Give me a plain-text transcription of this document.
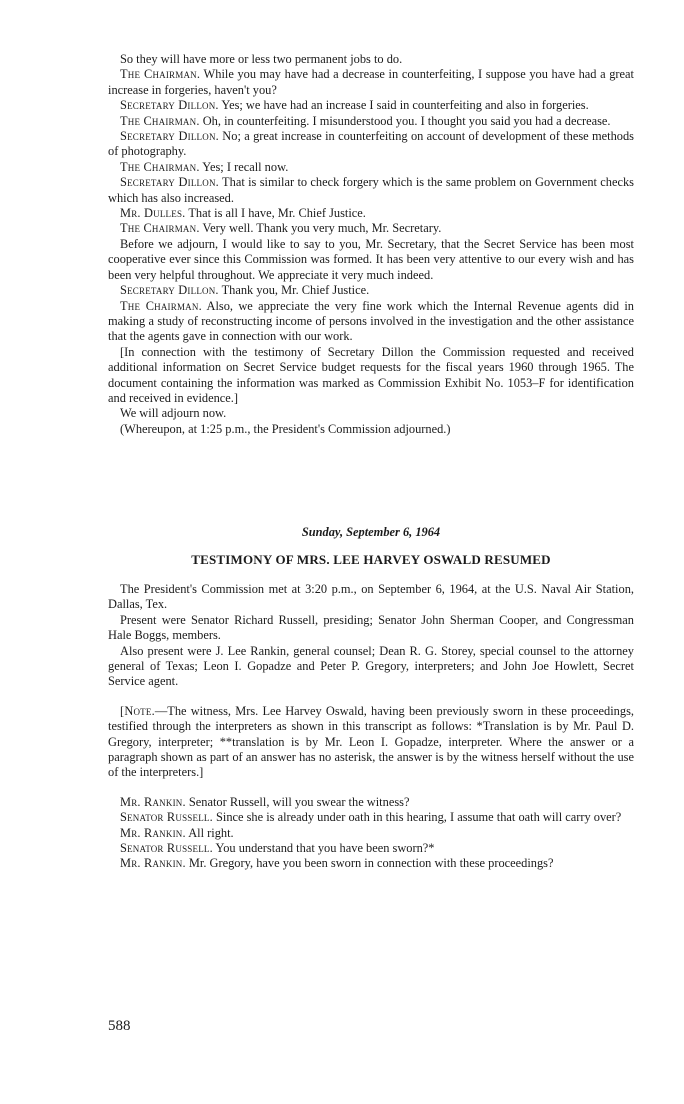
So they will have more or less two permanent jobs to do.

The Chairman. While you may have had a decrease in counterfeiting, I suppose you have had a great increase in forgeries, haven't you?

Secretary Dillon. Yes; we have had an increase I said in counterfeiting and also in forgeries.

The Chairman. Oh, in counterfeiting. I misunderstood you. I thought you said you had a decrease.

Secretary Dillon. No; a great increase in counterfeiting on account of development of these methods of photography.

The Chairman. Yes; I recall now.

Secretary Dillon. That is similar to check forgery which is the same problem on Government checks which has also increased.

Mr. Dulles. That is all I have, Mr. Chief Justice.

The Chairman. Very well. Thank you very much, Mr. Secretary.

Before we adjourn, I would like to say to you, Mr. Secretary, that the Secret Service has been most cooperative ever since this Commission was formed. It has been very attentive to our every wish and has been very helpful throughout. We appreciate it very much indeed.

Secretary Dillon. Thank you, Mr. Chief Justice.

The Chairman. Also, we appreciate the very fine work which the Internal Revenue agents did in making a study of reconstructing income of persons involved in the investigation and the other assistance that the agents gave in connection with our work.

[In connection with the testimony of Secretary Dillon the Commission requested and received additional information on Secret Service budget requests for the fiscal years 1960 through 1965. The document containing the information was marked as Commission Exhibit No. 1053–F for identification and received in evidence.]

We will adjourn now.

(Whereupon, at 1:25 p.m., the President's Commission adjourned.)

Sunday, September 6, 1964

TESTIMONY OF MRS. LEE HARVEY OSWALD RESUMED

The President's Commission met at 3:20 p.m., on September 6, 1964, at the U.S. Naval Air Station, Dallas, Tex.

Present were Senator Richard Russell, presiding; Senator John Sherman Cooper, and Congressman Hale Boggs, members.

Also present were J. Lee Rankin, general counsel; Dean R. G. Storey, special counsel to the attorney general of Texas; Leon I. Gopadze and Peter P. Gregory, interpreters; and John Joe Howlett, Secret Service agent.

[Note.—The witness, Mrs. Lee Harvey Oswald, having been previously sworn in these proceedings, testified through the interpreters as shown in this transcript as follows: *Translation is by Mr. Paul D. Gregory, interpreter; **translation is by Mr. Leon I. Gopadze, interpreter. Where the answer or a paragraph shown as part of an answer has no asterisk, the answer is by the witness herself without the use of the interpreters.]

Mr. Rankin. Senator Russell, will you swear the witness?

Senator Russell. Since she is already under oath in this hearing, I assume that oath will carry over?

Mr. Rankin. All right.

Senator Russell. You understand that you have been sworn?*

Mr. Rankin. Mr. Gregory, have you been sworn in connection with these proceedings?

588
